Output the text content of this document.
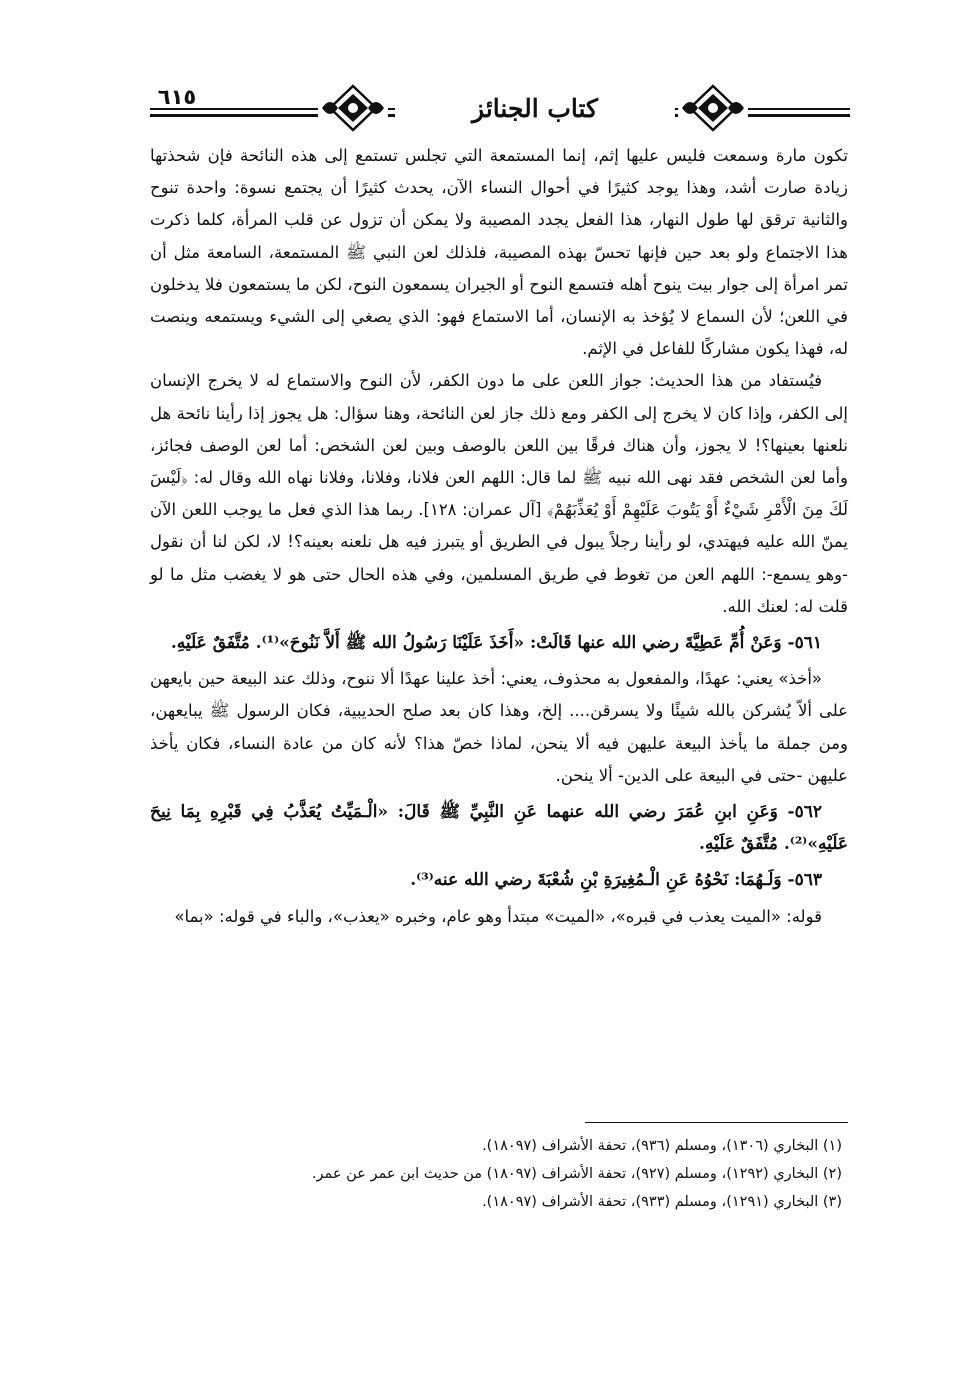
٦١٥	كتاب الجنائز

تكون مارة وسمعت فليس عليها إثم، إنما المستمعة التي تجلس تستمع إلى هذه النائحة فإن شحذتها زيادة صارت أشد، وهذا يوجد كثيرًا في أحوال النساء الآن، يحدث كثيرًا أن يجتمع نسوة: واحدة تنوح والثانية ترقق لها طول النهار، هذا الفعل يجدد المصيبة ولا يمكن أن تزول عن قلب المرأة، كلما ذكرت هذا الاجتماع ولو بعد حين فإنها تحسّ بهذه المصيبة، فلذلك لعن النبي ﷺ المستمعة، السامعة مثل أن تمر امرأة إلى جوار بيت ينوح أهله فتسمع النوح أو الجيران يسمعون النوح، لكن ما يستمعون فلا يدخلون في اللعن؛ لأن السماع لا يُؤخذ به الإنسان، أما الاستماع فهو: الذي يصغي إلى الشيء ويستمعه وينصت له، فهذا يكون مشاركًا للفاعل في الإثم.

فيُستفاد من هذا الحديث: جواز اللعن على ما دون الكفر، لأن النوح والاستماع له لا يخرج الإنسان إلى الكفر، وإذا كان لا يخرج إلى الكفر ومع ذلك جاز لعن النائحة، وهنا سؤال: هل يجوز إذا رأينا نائحة هل نلعنها بعينها؟! لا يجوز، وأن هناك فرقًا بين اللعن بالوصف وبين لعن الشخص: أما لعن الوصف فجائز، وأما لعن الشخص فقد نهى الله نبيه ﷺ لما قال: اللهم العن فلانا، وفلانا، وفلانا نهاه الله وقال له: ﴿لَيْسَ لَكَ مِنَ الْأَمْرِ شَيْءٌ أَوْ يَتُوبَ عَلَيْهِمْ أَوْ يُعَذِّبَهُمْ﴾ [آل عمران: ١٢٨]. ربما هذا الذي فعل ما يوجب اللعن الآن يمنّ الله عليه فيهتدي، لو رأينا رجلاً يبول في الطريق أو يتبرز فيه هل نلعنه بعينه؟! لا، لكن لنا أن نقول -وهو يسمع-: اللهم العن من تغوط في طريق المسلمين، وفي هذه الحال حتى هو لا يغضب مثل ما لو قلت له: لعنك الله.

٥٦١- وَعَنْ أُمِّ عَطِيَّةَ رضي الله عنها قَالَتْ: «أَخَذَ عَلَيْنَا رَسُولُ الله ﷺ أَلاَّ نَنُوحَ»⁽¹⁾. مُتَّفَقٌ عَلَيْهِ.

«أخذ» يعني: عهدًا، والمفعول به محذوف، يعني: أخذ علينا عهدًا ألا ننوح، وذلك عند البيعة حين بايعهن على ألاّ يُشركن بالله شيئًا ولا يسرقن.... إلخ، وهذا كان بعد صلح الحديبية، فكان الرسول ﷺ يبايعهن، ومن جملة ما يأخذ البيعة عليهن فيه ألا ينحن، لماذا خصّ هذا؟ لأنه كان من عادة النساء، فكان يأخذ عليهن -حتى في البيعة على الدين- ألا ينحن.

٥٦٢- وَعَنِ ابنِ عُمَرَ رضي الله عنهما عَنِ النَّبِيِّ ﷺ قَالَ: «الْـمَيِّتُ يُعَذَّبُ فِي قَبْرِهِ بِمَا نِيحَ عَلَيْهِ»⁽²⁾. مُتَّفَقٌ عَلَيْهِ.

٥٦٣- وَلَـهُمَا: نَحْوُهُ عَنِ الْـمُغِيرَةِ بْنِ شُعْبَةَ رضي الله عنه⁽³⁾.

قوله: «الميت يعذب في قبره»، «الميت» مبتدأ وهو عام، وخبره «يعذب»، والباء في قوله: «بما»

(١) البخاري (١٣٠٦)، ومسلم (٩٣٦)، تحفة الأشراف (١٨٠٩٧).
(٢) البخاري (١٢٩٢)، ومسلم (٩٢٧)، تحفة الأشراف (١٨٠٩٧) من حديث ابن عمر عن عمر.
(٣) البخاري (١٢٩١)، ومسلم (٩٣٣)، تحفة الأشراف (١٨٠٩٧).
